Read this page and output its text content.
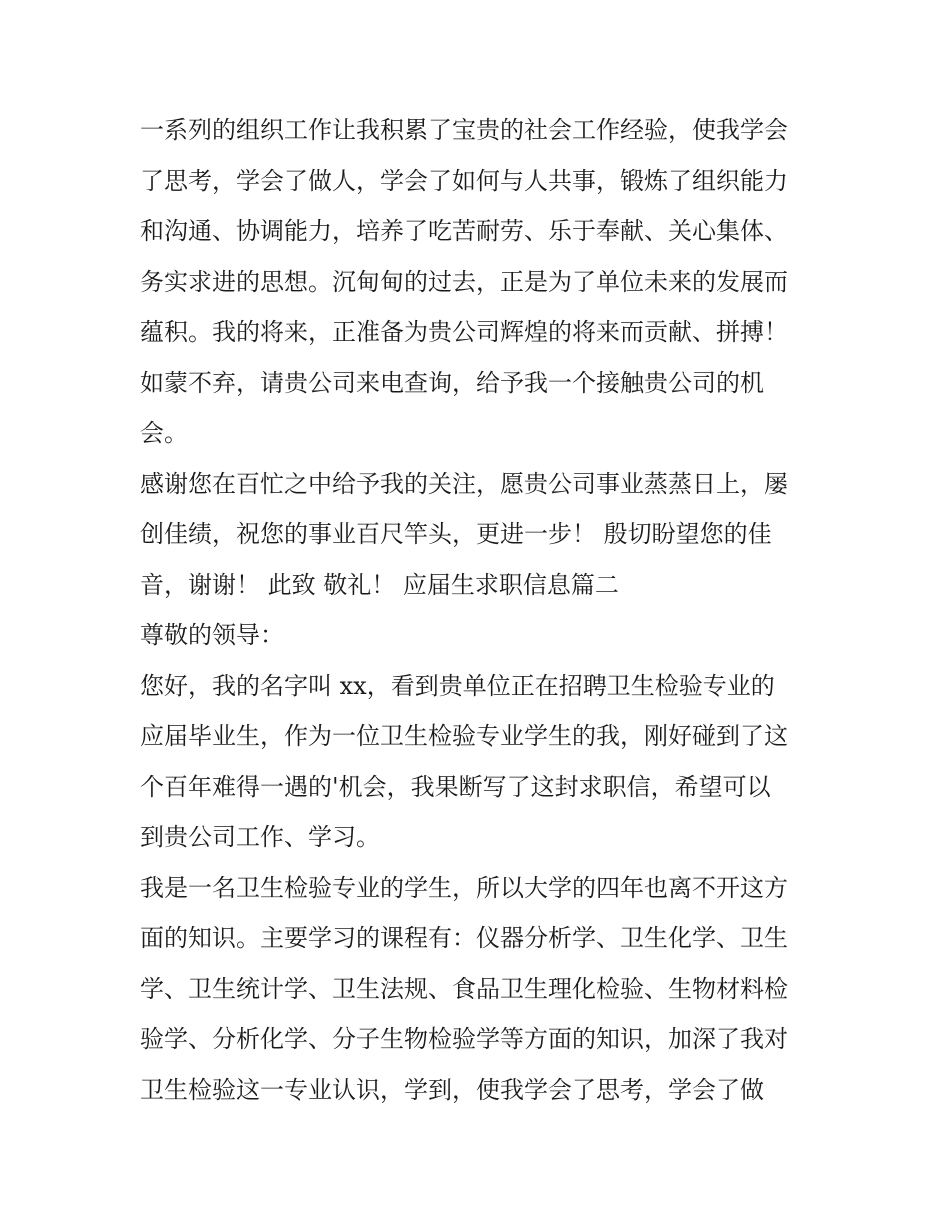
一系列的组织工作让我积累了宝贵的社会工作经验，使我学会
了思考，学会了做人，学会了如何与人共事，锻炼了组织能力
和沟通、协调能力，培养了吃苦耐劳、乐于奉献、关心集体、
务实求进的思想。沉甸甸的过去，正是为了单位未来的发展而
蕴积。我的将来，正准备为贵公司辉煌的将来而贡献、拼搏！
如蒙不弃，请贵公司来电查询，给予我一个接触贵公司的机
会。
感谢您在百忙之中给予我的关注，愿贵公司事业蒸蒸日上，屡
创佳绩，祝您的事业百尺竿头，更进一步！ 殷切盼望您的佳
音，谢谢！ 此致 敬礼！ 应届生求职信息篇二
尊敬的领导：
您好，我的名字叫 xx，看到贵单位正在招聘卫生检验专业的
应届毕业生，作为一位卫生检验专业学生的我，刚好碰到了这
个百年难得一遇的'机会，我果断写了这封求职信，希望可以
到贵公司工作、学习。
我是一名卫生检验专业的学生，所以大学的四年也离不开这方
面的知识。主要学习的课程有：仪器分析学、卫生化学、卫生
学、卫生统计学、卫生法规、食品卫生理化检验、生物材料检
验学、分析化学、分子生物检验学等方面的知识，加深了我对
卫生检验这一专业认识，学到，使我学会了思考，学会了做
